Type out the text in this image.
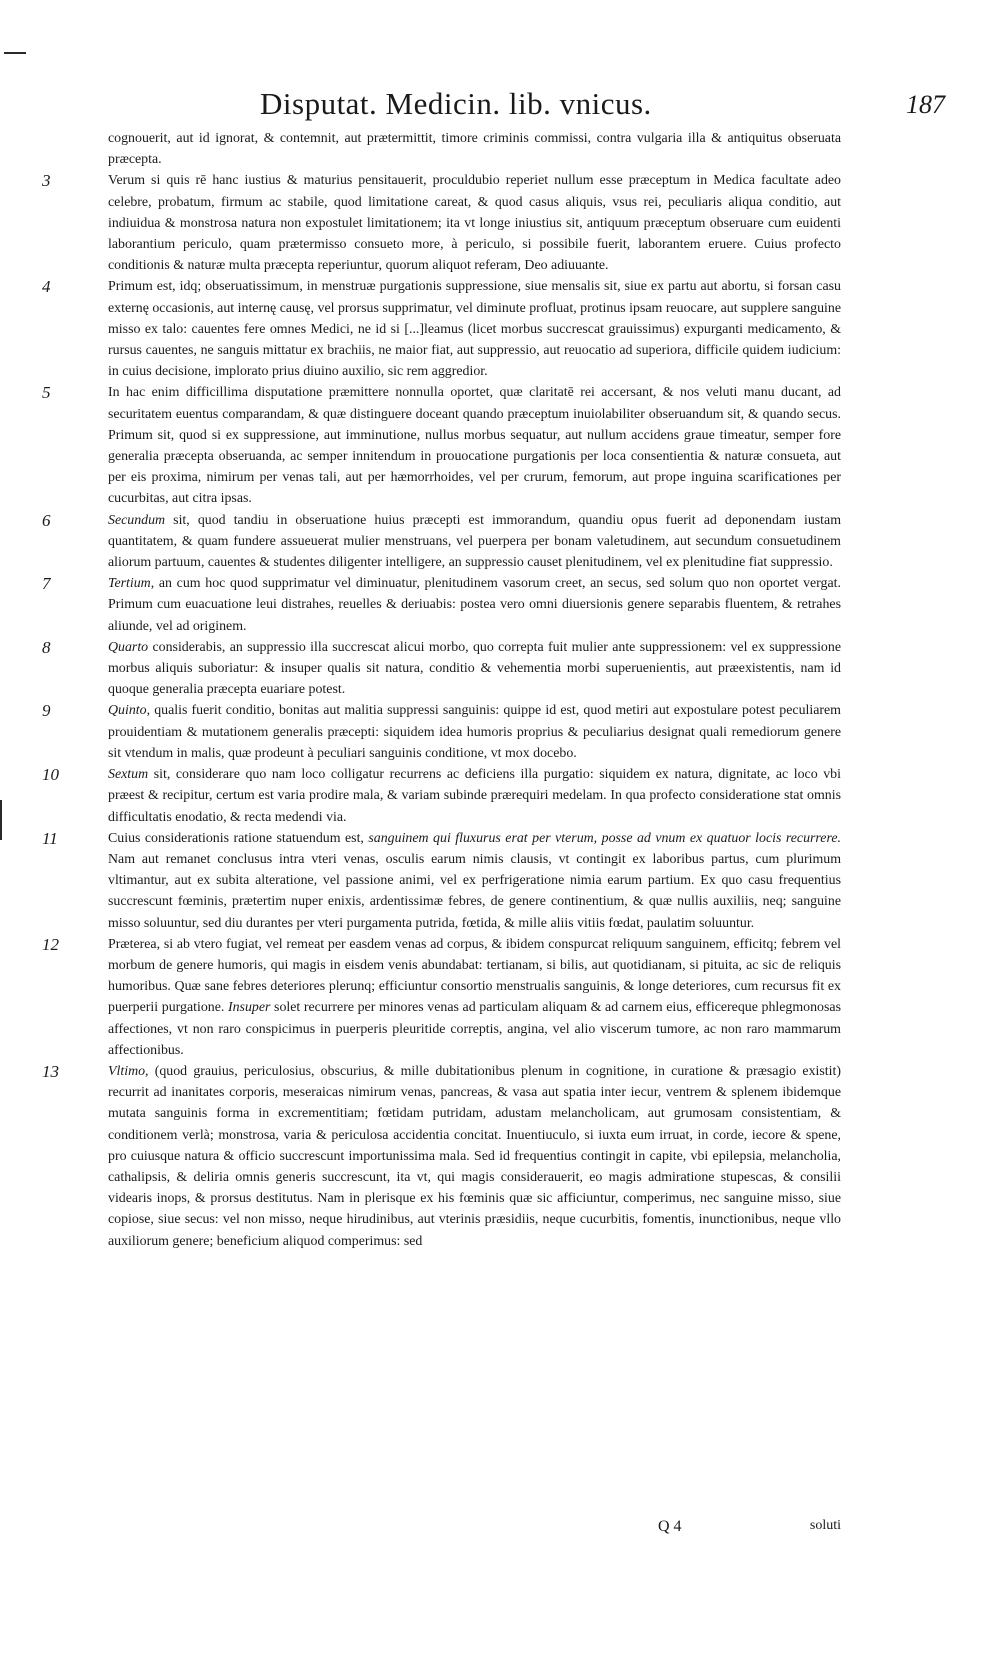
Disputat. Medicin. lib. vnicus.	187

cognouerit, aut id ignorat, & contemnit, aut prætermittit, timore criminis commissi, contra vulgaria illa & antiquitus obseruata præcepta.

3	Verum si quis rē hanc iustius & maturius pensitauerit, proculdubio reperiet nullum esse præceptum in Medica facultate adeo celebre, probatum, firmum ac stabile, quod limitatione careat, & quod casus aliquis, vsus rei, peculiaris aliqua conditio, aut indiuidua & monstrosa natura non expostulet limitationem; ita vt longe iniustius sit, antiquum præceptum obseruare cum euidenti laborantium periculo, quam prætermisso consueto more, à periculo, si possibile fuerit, laborantem eruere. Cuius profecto conditionis & naturæ multa præcepta reperiuntur, quorum aliquot referam, Deo adiuuante.

4	Primum est, idq; obseruatissimum, in menstruæ purgationis suppressione, siue mensalis sit, siue ex partu aut abortu, si forsan casu externę occasionis, aut internę causę, vel prorsus supprimatur, vel diminute profluat, protinus ipsam reuocare, aut supplere sanguine misso ex talo: cauentes fere omnes Medici, ne id si [...]leamus (licet morbus succrescat grauissimus) expurganti medicamento, & rursus cauentes, ne sanguis mittatur ex brachiis, ne maior fiat, aut suppressio, aut reuocatio ad superiora, difficile quidem iudicium: in cuius decisione, implorato prius diuino auxilio, sic rem aggredior.

5	In hac enim difficillima disputatione præmittere nonnulla oportet, quæ claritatē rei accersant, & nos veluti manu ducant, ad securitatem euentus comparandam, & quæ distinguere doceant quando præceptum inuiolabiliter obseruandum sit, & quando secus. Primum sit, quod si ex suppressione, aut imminutione, nullus morbus sequatur, aut nullum accidens graue timeatur, semper fore generalia præcepta obseruanda, ac semper innitendum in prouocatione purgationis per loca consentientia & naturæ consueta, aut per eis proxima, nimirum per venas tali, aut per hæmorrhoides, vel per crurum, femorum, aut prope inguina scarificationes per cucurbitas, aut citra ipsas.

6	Secundum sit, quod tandiu in obseruatione huius præcepti est immorandum, quandiu opus fuerit ad deponendam iustam quantitatem, & quam fundere assueuerat mulier menstruans, vel puerpera per bonam valetudinem, aut secundum consuetudinem aliorum partuum, cauentes & studentes diligenter intelligere, an suppressio causet plenitudinem, vel ex plenitudine fiat suppressio.

7	Tertium, an cum hoc quod supprimatur vel diminuatur, plenitudinem vasorum creet, an secus, sed solum quo non oportet vergat. Primum cum euacuatione leui distrahes, reuelles & deriuabis: postea vero omni diuersionis genere separabis fluentem, & retrahes aliunde, vel ad originem.

8	Quarto considerabis, an suppressio illa succrescat alicui morbo, quo correpta fuit mulier ante suppressionem: vel ex suppressione morbus aliquis suboriatur: & insuper qualis sit natura, conditio & vehementia morbi superuenientis, aut præexistentis, nam id quoque generalia præcepta euariare potest.

9	Quinto, qualis fuerit conditio, bonitas aut malitia suppressi sanguinis: quippe id est, quod metiri aut expostulare potest peculiarem prouidentiam & mutationem generalis præcepti: siquidem idea humoris proprius & peculiarius designat quali remediorum genere sit vtendum in malis, quæ prodeunt à peculiari sanguinis conditione, vt mox docebo.

10	Sextum sit, considerare quo nam loco colligatur recurrens ac deficiens illa purgatio: siquidem ex natura, dignitate, ac loco vbi præest & recipitur, certum est varia prodire mala, & variam subinde prærequiri medelam. In qua profecto consideratione stat omnis difficultatis enodatio, & recta medendi via.

11	Cuius considerationis ratione statuendum est, sanguinem qui fluxurus erat per vterum, posse ad vnum ex quatuor locis recurrere. Nam aut remanet conclusus intra vteri venas, osculis earum nimis clausis, vt contingit ex laboribus partus, cum plurimum vltimantur, aut ex subita alteratione, vel passione animi, vel ex perfrigeratione nimia earum partium. Ex quo casu frequentius succrescunt fœminis, prætertim nuper enixis, ardentissimæ febres, de genere continentium, & quæ nullis auxiliis, neq; sanguine misso soluuntur, sed diu durantes per vteri purgamenta putrida, fœtida, & mille aliis vitiis fœdat, paulatim soluuntur.

12	Præterea, si ab vtero fugiat, vel remeat per easdem venas ad corpus, & ibidem conspurcat reliquum sanguinem, efficitq; febrem vel morbum de genere humoris, qui magis in eisdem venis abundabat: tertianam, si bilis, aut quotidianam, si pituita, ac sic de reliquis humoribus. Quæ sane febres deteriores plerunq; efficiuntur consortio menstrualis sanguinis, & longe deteriores, cum recursus fit ex puerperii purgatione. Insuper solet recurrere per minores venas ad particulam aliquam & ad carnem eius, efficereque phlegmonosas affectiones, vt non raro conspicimus in puerperis pleuritide correptis, angina, vel alio viscerum tumore, ac non raro mammarum affectionibus.

13	Vltimo, (quod grauius, periculosius, obscurius, & mille dubitationibus plenum in cognitione, in curatione & præsagio existit) recurrit ad inanitates corporis, meseraicas nimirum venas, pancreas, & vasa aut spatia inter iecur, ventrem & splenem ibidemque mutata sanguinis forma in excrementitiam; fœtidam putridam, adustam melancholicam, aut grumosam consistentiam, & conditionem verlà; monstrosa, varia & periculosa accidentia concitat. Inuentiuculo, si iuxta eum irruat, in corde, iecore & spene, pro cuiusque natura & officio succrescunt importunissima mala. Sed id frequentius contingit in capite, vbi epilepsia, melancholia, cathalipsis, & deliria omnis generis succrescunt, ita vt, qui magis considerauerit, eo magis admiratione stupescas, & consilii videaris inops, & prorsus destitutus. Nam in plerisque ex his fœminis quæ sic afficiuntur, comperimus, nec sanguine misso, siue copiose, siue secus: vel non misso, neque hirudinibus, aut vterinis præsidiis, neque cucurbitis, fomentis, inunctionibus, neque vllo auxiliorum genere; beneficium aliquod comperimus: sed

Q 4	soluti
